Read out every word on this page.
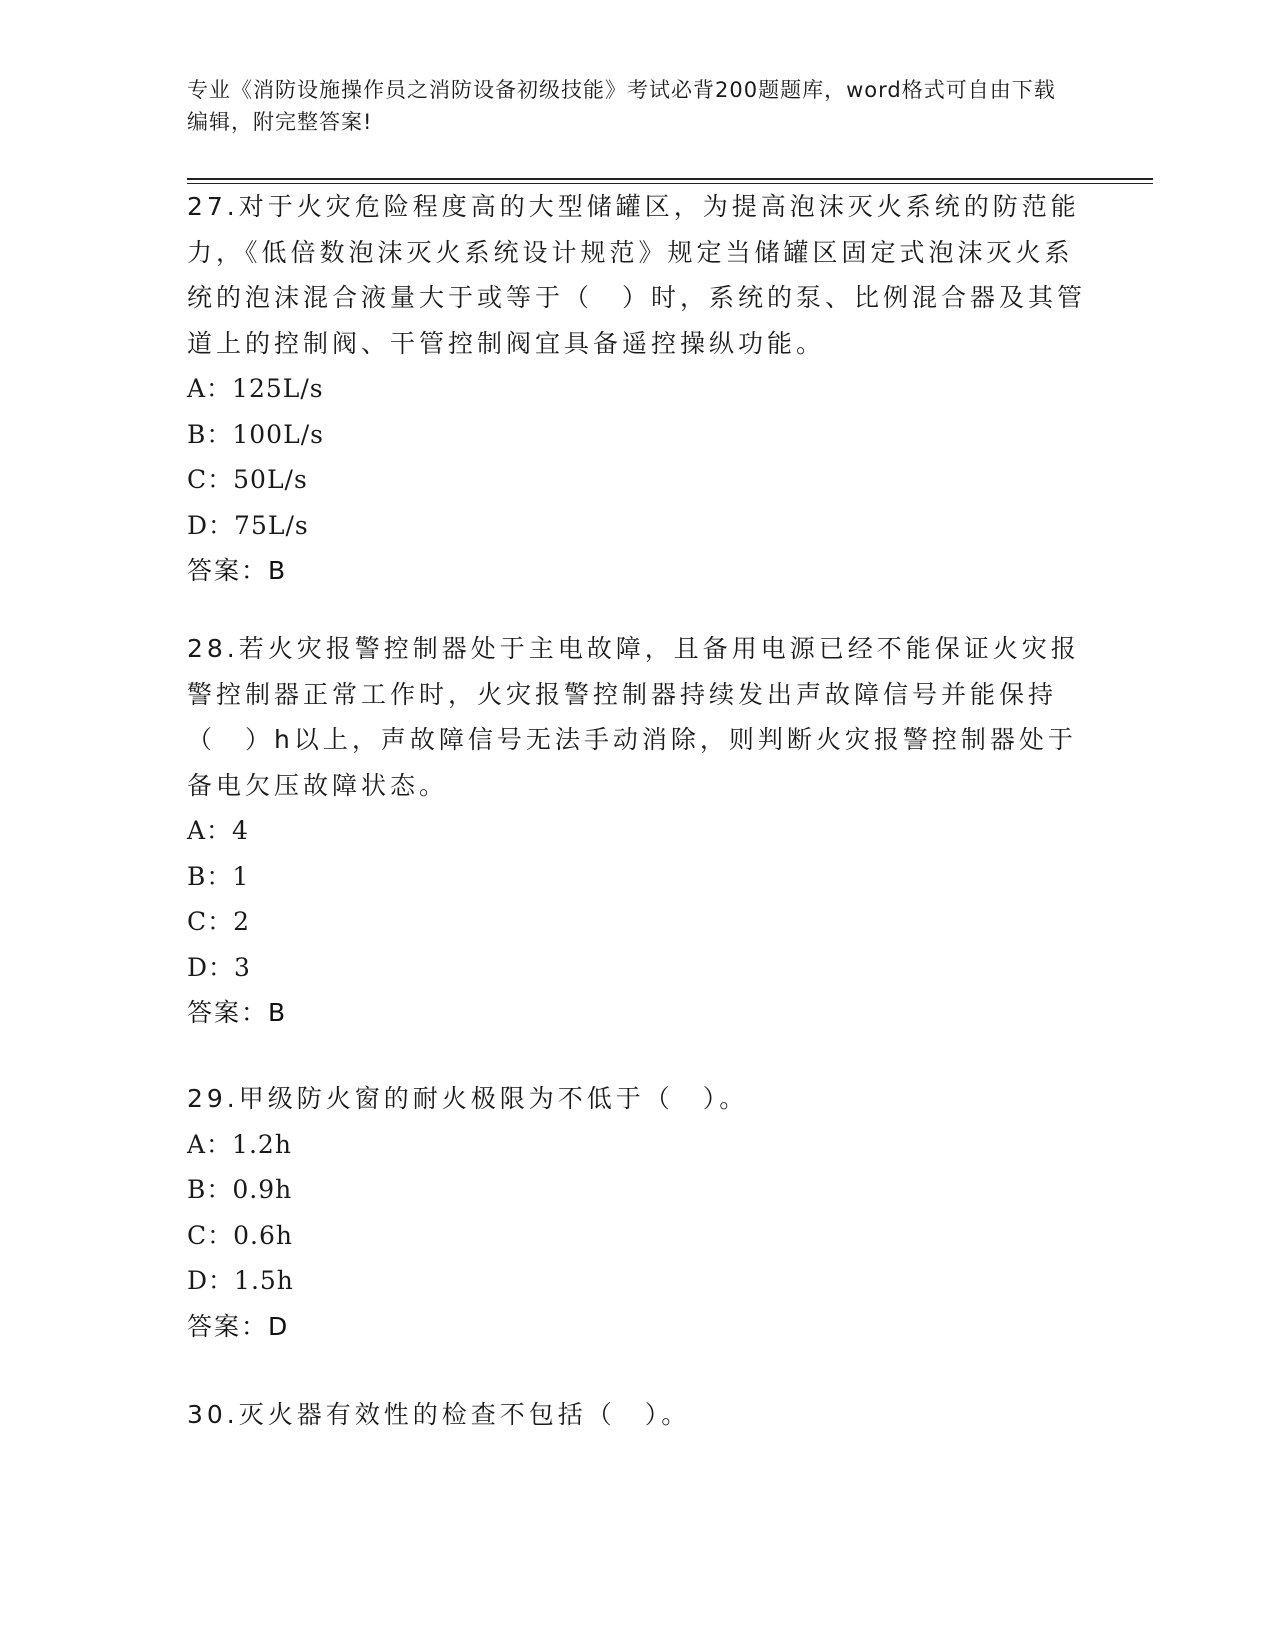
专业《消防设施操作员之消防设备初级技能》考试必背200题题库，word格式可自由下载编辑，附完整答案!

27.对于火灾危险程度高的大型储罐区，为提高泡沫灭火系统的防范能力，《低倍数泡沫灭火系统设计规范》规定当储罐区固定式泡沫灭火系统的泡沫混合液量大于或等于（　）时，系统的泵、比例混合器及其管道上的控制阀、干管控制阀宜具备遥控操纵功能。

A：125L/s
B：100L/s
C：50L/s
D：75L/s
答案：B

28.若火灾报警控制器处于主电故障，且备用电源已经不能保证火灾报警控制器正常工作时，火灾报警控制器持续发出声故障信号并能保持（　）h以上，声故障信号无法手动消除，则判断火灾报警控制器处于备电欠压故障状态。

A：4
B：1
C：2
D：3
答案：B

29.甲级防火窗的耐火极限为不低于（　）。

A：1.2h
B：0.9h
C：0.6h
D：1.5h
答案：D

30.灭火器有效性的检查不包括（　）。
